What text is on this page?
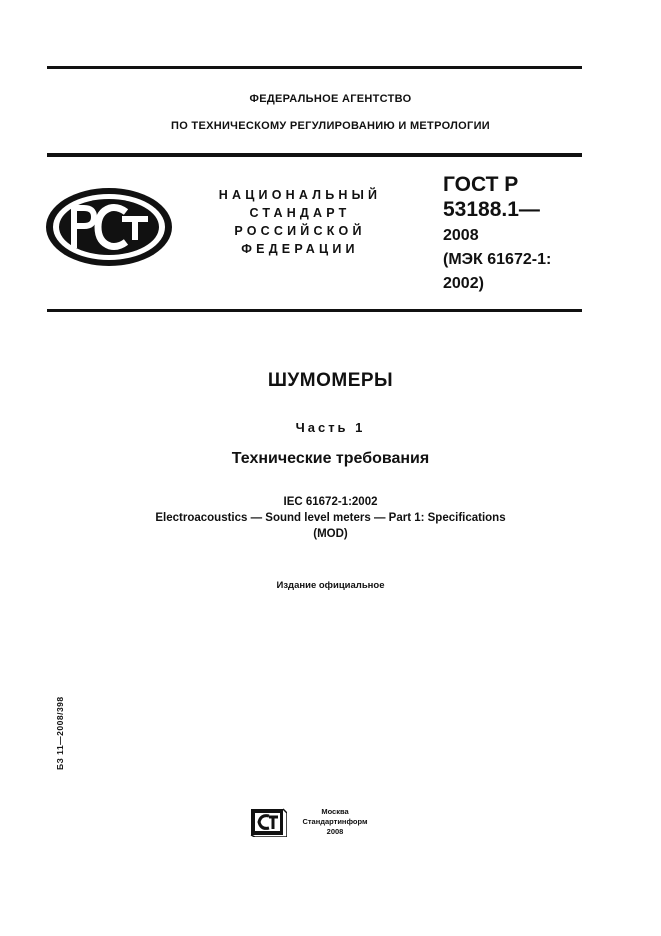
ФЕДЕРАЛЬНОЕ АГЕНТСТВО
ПО ТЕХНИЧЕСКОМУ РЕГУЛИРОВАНИЮ И МЕТРОЛОГИИ
НАЦИОНАЛЬНЫЙ
СТАНДАРТ
РОССИЙСКОЙ
ФЕДЕРАЦИИ
ГОСТ Р
53188.1—
2008
(МЭК 61672-1:
2002)
ШУМОМЕРЫ
Часть 1
Технические требования
IEC 61672-1:2002
Electroacoustics — Sound level meters — Part 1: Specifications
(MOD)
Издание официальное
БЗ 11—2008/398
Москва
Стандартинформ
2008
